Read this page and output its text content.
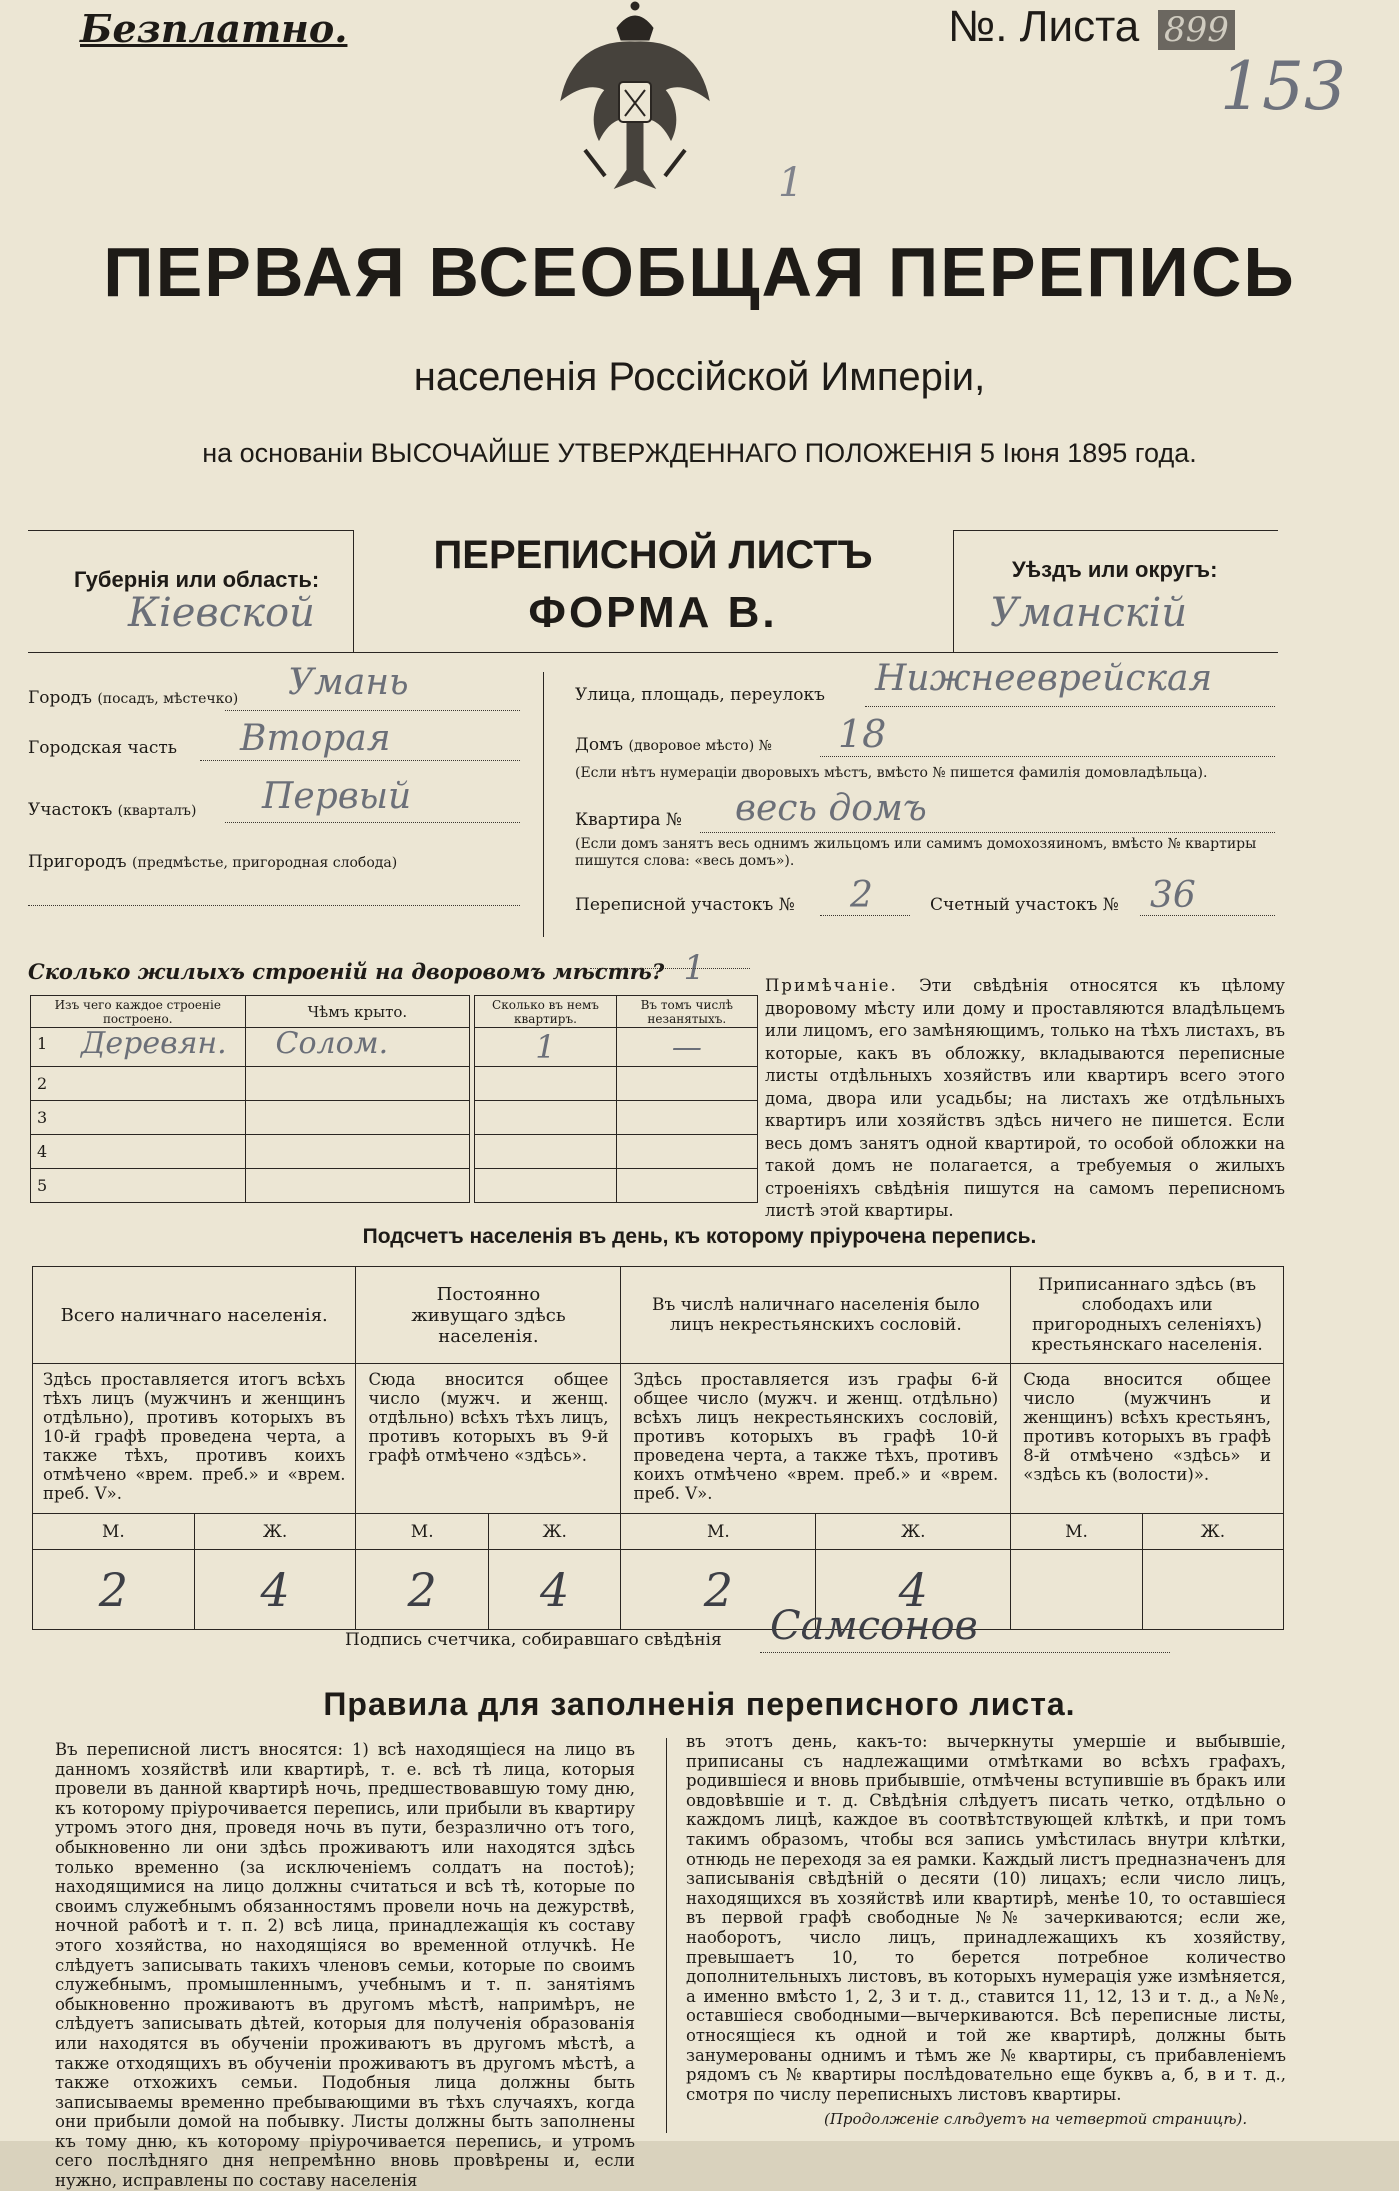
Безплатно.	№. Листа 899
153
1
ПЕРВАЯ ВСЕОБЩАЯ ПЕРЕПИСЬ
населенія Россійской Имперіи,
на основаніи ВЫСОЧАЙШЕ УТВЕРЖДЕННАГО ПОЛОЖЕНІЯ 5 Іюня 1895 года.
Губернія или область:
Кіевской
ПЕРЕПИСНОЙ ЛИСТЪ
ФОРМА В.
Уѣздъ или округъ:
Уманскій
Городъ (посадъ, мѣстечко) Умань
Городская часть Вторая
Участокъ (кварталъ) Первый
Пригородъ (предмѣстье, пригородная слобода)
Улица, площадь, переулокъ Нижнееврейская
Домъ (дворовое мѣсто) № 18
(Если нѣтъ нумераціи дворовыхъ мѣстъ, вмѣсто № пишется фамилія домовладѣльца).
Квартира № весь домъ
(Если домъ занятъ весь однимъ жильцомъ или самимъ домохозяиномъ, вмѣсто № квартиры пишутся слова: «весь домъ»).
Переписной участокъ № 2	Счетный участокъ № 36
Сколько жилыхъ строеній на дворовомъ мѣстѣ? 1
Изъ чего каждое строеніе построено.	Чѣмъ крыто.		Сколько въ немъ квартиръ.	Въ томъ числѣ незанятыхъ.

1 Деревян.	Солом.		1	—
2				
3				
4				
5				
Примѣчаніе. Эти свѣдѣнія относятся къ цѣлому дворовому мѣсту или дому и проставляются владѣльцемъ или лицомъ, его замѣняющимъ, только на тѣхъ листахъ, въ которые, какъ въ обложку, вкладываются переписные листы отдѣльныхъ хозяйствъ или квартиръ всего этого дома, двора или усадьбы; на листахъ же отдѣльныхъ квартиръ или хозяйствъ здѣсь ничего не пишется. Если весь домъ занятъ одной квартирой, то особой обложки на такой домъ не полагается, а требуемыя о жилыхъ строеніяхъ свѣдѣнія пишутся на самомъ переписномъ листѣ этой квартиры.
Подсчетъ населенія въ день, къ которому пріурочена перепись.
Всего наличнаго населенія.		Постоянно живущаго здѣсь населенія.		Въ числѣ наличнаго населенія было лицъ некрестьянскихъ сословій.		Приписаннаго здѣсь (въ слободахъ или пригородныхъ селеніяхъ) крестьянскаго населенія.	
Здѣсь проставляется итогъ всѣхъ тѣхъ лицъ (мужчинъ и женщинъ отдѣльно), противъ которыхъ въ 10-й графѣ проведена черта, а также тѣхъ, противъ коихъ отмѣчено «врем. преб.» и «врем. преб. V».		Сюда вносится общее число (мужч. и женщ. отдѣльно) всѣхъ тѣхъ лицъ, противъ которыхъ въ 9-й графѣ отмѣчено «здѣсь».		Здѣсь проставляется изъ графы 6-й общее число (мужч. и женщ. отдѣльно) всѣхъ лицъ некрестьянскихъ сословій, противъ которыхъ въ графѣ 10-й проведена черта, а также тѣхъ, противъ коихъ отмѣчено «врем. преб.» и «врем. преб. V».		Сюда вносится общее число (мужчинъ и женщинъ) всѣхъ крестьянъ, противъ которыхъ въ графѣ 8-й отмѣчено «здѣсь» и «здѣсь къ (волости)».	
М.	Ж.	М.	Ж.	М.	Ж.	М.	Ж.
2	4	2	4	2	4		
Подпись счетчика, собиравшаго свѣдѣнія Самсонов
Правила для заполненія переписного листа.
Въ переписной листъ вносятся: 1) всѣ находящіеся на лицо въ данномъ хозяйствѣ или квартирѣ, т. е. всѣ тѣ лица, которыя провели въ данной квартирѣ ночь, предшествовавшую тому дню, къ которому пріурочивается перепись, или прибыли въ квартиру утромъ этого дня, проведя ночь въ пути, безразлично отъ того, обыкновенно ли они здѣсь проживаютъ или находятся здѣсь только временно (за исключеніемъ солдатъ на постоѣ); находящимися на лицо должны считаться и всѣ тѣ, которые по своимъ служебнымъ обязанностямъ провели ночь на дежурствѣ, ночной работѣ и т. п. 2) всѣ лица, принадлежащія къ составу этого хозяйства, но находящіяся во временной отлучкѣ. Не слѣдуетъ записывать такихъ членовъ семьи, которые по своимъ служебнымъ, промышленнымъ, учебнымъ и т. п. занятіямъ обыкновенно проживаютъ въ другомъ мѣстѣ, напримѣръ, не слѣдуетъ записывать дѣтей, которыя для полученія образованія или находятся въ обученіи проживаютъ въ другомъ мѣстѣ, а также отходящихъ въ обученіи проживаютъ въ другомъ мѣстѣ, а также отхожихъ семьи. Подобныя лица должны быть записываемы временно пребывающими въ тѣхъ случаяхъ, когда они прибыли домой на побывку. Листы должны быть заполнены къ тому дню, къ которому пріурочивается перепись, и утромъ сего послѣдняго дня непремѣнно вновь провѣрены и, если нужно, исправлены по составу населенія
въ этотъ день, какъ-то: вычеркнуты умершіе и выбывшіе, приписаны съ надлежащими отмѣтками во всѣхъ графахъ, родившіеся и вновь прибывшіе, отмѣчены вступившіе въ бракъ или овдовѣвшіе и т. д. Свѣдѣнія слѣдуетъ писать четко, отдѣльно о каждомъ лицѣ, каждое въ соотвѣтствующей клѣткѣ, и при томъ такимъ образомъ, чтобы вся запись умѣстилась внутри клѣтки, отнюдь не переходя за ея рамки. Каждый листъ предназначенъ для записыванія свѣдѣній о десяти (10) лицахъ; если число лицъ, находящихся въ хозяйствѣ или квартирѣ, менѣе 10, то оставшіеся въ первой графѣ свободные №№ зачеркиваются; если же, наоборотъ, число лицъ, принадлежащихъ къ хозяйству, превышаетъ 10, то берется потребное количество дополнительныхъ листовъ, въ которыхъ нумерація уже измѣняется, а именно вмѣсто 1, 2, 3 и т. д., ставится 11, 12, 13 и т. д., а №№, оставшіеся свободными—вычеркиваются. Всѣ переписные листы, относящіеся къ одной и той же квартирѣ, должны быть занумерованы однимъ и тѣмъ же № квартиры, съ прибавленіемъ рядомъ съ № квартиры послѣдовательно еще буквъ а, б, в и т. д., смотря по числу переписныхъ листовъ квартиры.
(Продолженіе слѣдуетъ на четвертой страницѣ).
